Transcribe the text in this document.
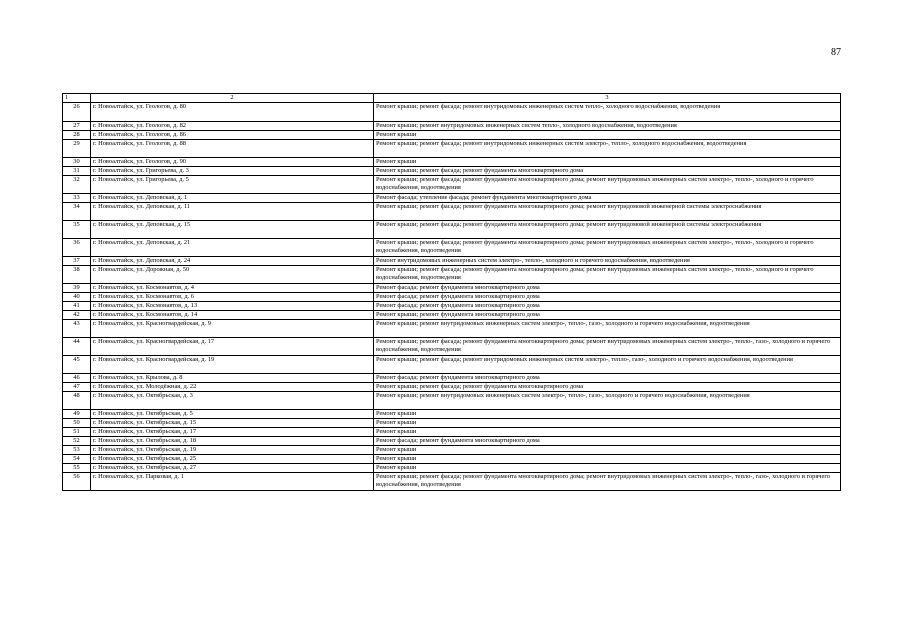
87
1	2	3
26	г. Новоалтайск, ул. Геологов, д. 80	Ремонт крыши; ремонт фасада; ремонт внутридомовых инженерных систем тепло-, холодного водоснабжения, водоотведения
27	г. Новоалтайск, ул. Геологов, д. 82	Ремонт крыши; ремонт внутридомовых инженерных систем тепло-, холодного водоснабжения, водоотведения
28	г. Новоалтайск, ул. Геологов, д. 86	Ремонт крыши
29	г. Новоалтайск, ул. Геологов, д. 88	Ремонт крыши; ремонт фасада; ремонт внутридомовых инженерных систем электро-, тепло-, холодного водоснабжения, водоотведения
30	г. Новоалтайск, ул. Геологов, д. 90	Ремонт крыши
31	г. Новоалтайск, ул. Григорьева, д. 3	Ремонт крыши; ремонт фасада; ремонт фундамента многоквартирного дома
32	г. Новоалтайск, ул. Григорьева, д. 5	Ремонт крыши; ремонт фасада; ремонт фундамента многоквартирного дома; ремонт внутридомовых инженерных систем электро-, тепло-, холодного и горячего водоснабжения, водоотведения
33	г. Новоалтайск, ул. Деповская, д. 1	Ремонт фасада; утепление фасада; ремонт фундамента многоквартирного дома
34	г. Новоалтайск, ул. Деповская, д. 11	Ремонт крыши; ремонт фасада; ремонт фундамента многоквартирного дома; ремонт внутридомовой инженерной системы электроснабжения
35	г. Новоалтайск, ул. Деповская, д. 15	Ремонт крыши; ремонт фасада; ремонт фундамента многоквартирного дома; ремонт внутридомовой инженерной системы электроснабжения
36	г. Новоалтайск, ул. Деповская, д. 21	Ремонт крыши; ремонт фасада; ремонт фундамента многоквартирного дома; ремонт внутридомовых инженерных систем электро-, тепло-, холодного и горячего водоснабжения, водоотведения
37	г. Новоалтайск, ул. Деповская, д. 24	Ремонт внутридомовых инженерных систем электро-, тепло-, холодного и горячего водоснабжения, водоотведения
38	г. Новоалтайск, ул. Дорожная, д. 50	Ремонт крыши; ремонт фасада; ремонт фундамента многоквартирного дома; ремонт внутридомовых инженерных систем электро-, тепло-, холодного и горячего водоснабжения, водоотведения
39	г. Новоалтайск, ул. Космонавтов, д. 4	Ремонт фасада; ремонт фундамента многоквартирного дома
40	г. Новоалтайск, ул. Космонавтов, д. 6	Ремонт фасада; ремонт фундамента многоквартирного дома
41	г. Новоалтайск, ул. Космонавтов, д. 13	Ремонт фасада; ремонт фундамента многоквартирного дома
42	г. Новоалтайск, ул. Космонавтов, д. 14	Ремонт крыши; ремонт фундамента многоквартирного дома
43	г. Новоалтайск, ул. Красногвардейская, д. 9	Ремонт крыши; ремонт внутридомовых инженерных систем электро-, тепло-, газо-, холодного и горячего водоснабжения, водоотведения
44	г. Новоалтайск, ул. Красногвардейская, д. 17	Ремонт крыши; ремонт фасада; ремонт фундамента многоквартирного дома; ремонт внутридомовых инженерных систем электро-, тепло-, газо-, холодного и горячего водоснабжения, водоотведения
45	г. Новоалтайск, ул. Красногвардейская, д. 19	Ремонт крыши; ремонт фасада; ремонт внутридомовых инженерных систем электро-, тепло-, газо-, холодного и горячего водоснабжения, водоотведения
46	г. Новоалтайск, ул. Крылова, д. 8	Ремонт фасада; ремонт фундамента многоквартирного дома
47	г. Новоалтайск, ул. Молодёжная, д. 22	Ремонт крыши; ремонт фасада; ремонт фундамента многоквартирного дома
48	г. Новоалтайск, ул. Октябрьская, д. 3	Ремонт крыши; ремонт внутридомовых инженерных систем электро-, тепло-, газо-, холодного и горячего водоснабжения, водоотведения
49	г. Новоалтайск, ул. Октябрьская, д. 5	Ремонт крыши
50	г. Новоалтайск, ул. Октябрьская, д. 15	Ремонт крыши
51	г. Новоалтайск, ул. Октябрьская, д. 17	Ремонт крыши
52	г. Новоалтайск, ул. Октябрьская, д. 18	Ремонт фасада; ремонт фундамента многоквартирного дома
53	г. Новоалтайск, ул. Октябрьская, д. 19	Ремонт крыши
54	г. Новоалтайск, ул. Октябрьская, д. 25	Ремонт крыши
55	г. Новоалтайск, ул. Октябрьская, д. 27	Ремонт крыши
56	г. Новоалтайск, ул. Парковая, д. 1	Ремонт крыши; ремонт фасада; ремонт фундамента многоквартирного дома; ремонт внутридомовых инженерных систем электро-, тепло-, газо-, холодного и горячего водоснабжения, водоотведения
